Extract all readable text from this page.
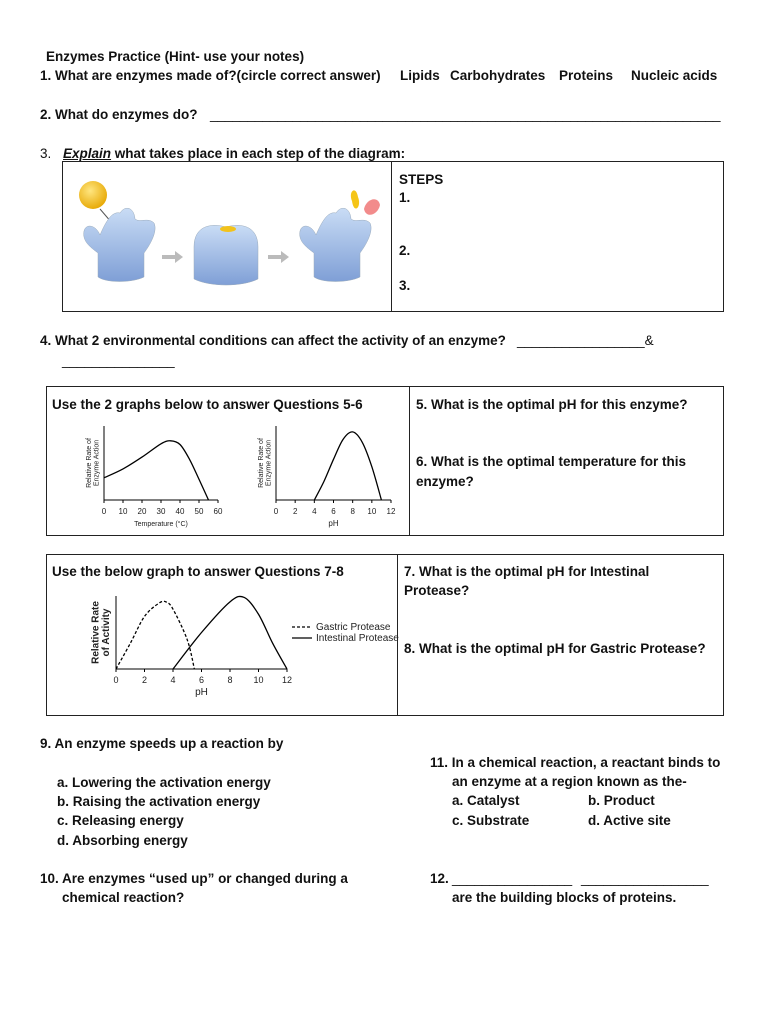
Enzymes Practice (Hint- use your notes)
1. What are enzymes made of?(circle correct answer) Lipids Carbohydrates Proteins Nucleic acids
2. What do enzymes do? ____________________________________________________________________
3. Explain what takes place in each step of the diagram:
STEPS
1.
2.
3.
4. What 2 environmental conditions can affect the activity of an enzyme? _________________&
_______________
Use the 2 graphs below to answer Questions 5-6	5. What is the optimal pH for this enzyme?
6. What is the optimal temperature for this
enzyme?
0 10 20 30 40 50 60
Temperature (°C)
Relative Rate ofEnzyme Action
0 2 4 6 8 10 12
pH
Relative Rate ofEnzyme Action
Use the below graph to answer Questions 7-8	7. What is the optimal pH for Intestinal
Protease?
8. What is the optimal pH for Gastric Protease?
0	2	4	6	8 10 12
pH
Relative Rateof Activity	Gastric Protease
Intestinal Protease
9. An enzyme speeds up a reaction by
a. Lowering the activation energy
b. Raising the activation energy
c. Releasing energy
d. Absorbing energy
10. Are enzymes “used up” or changed during a
chemical reaction?
11. In a chemical reaction, a reactant binds to
an enzyme at a region known as the-
a. Catalyst	b. Product
c. Substrate	d. Active site
12. ________________ _________________
are the building blocks of proteins.
